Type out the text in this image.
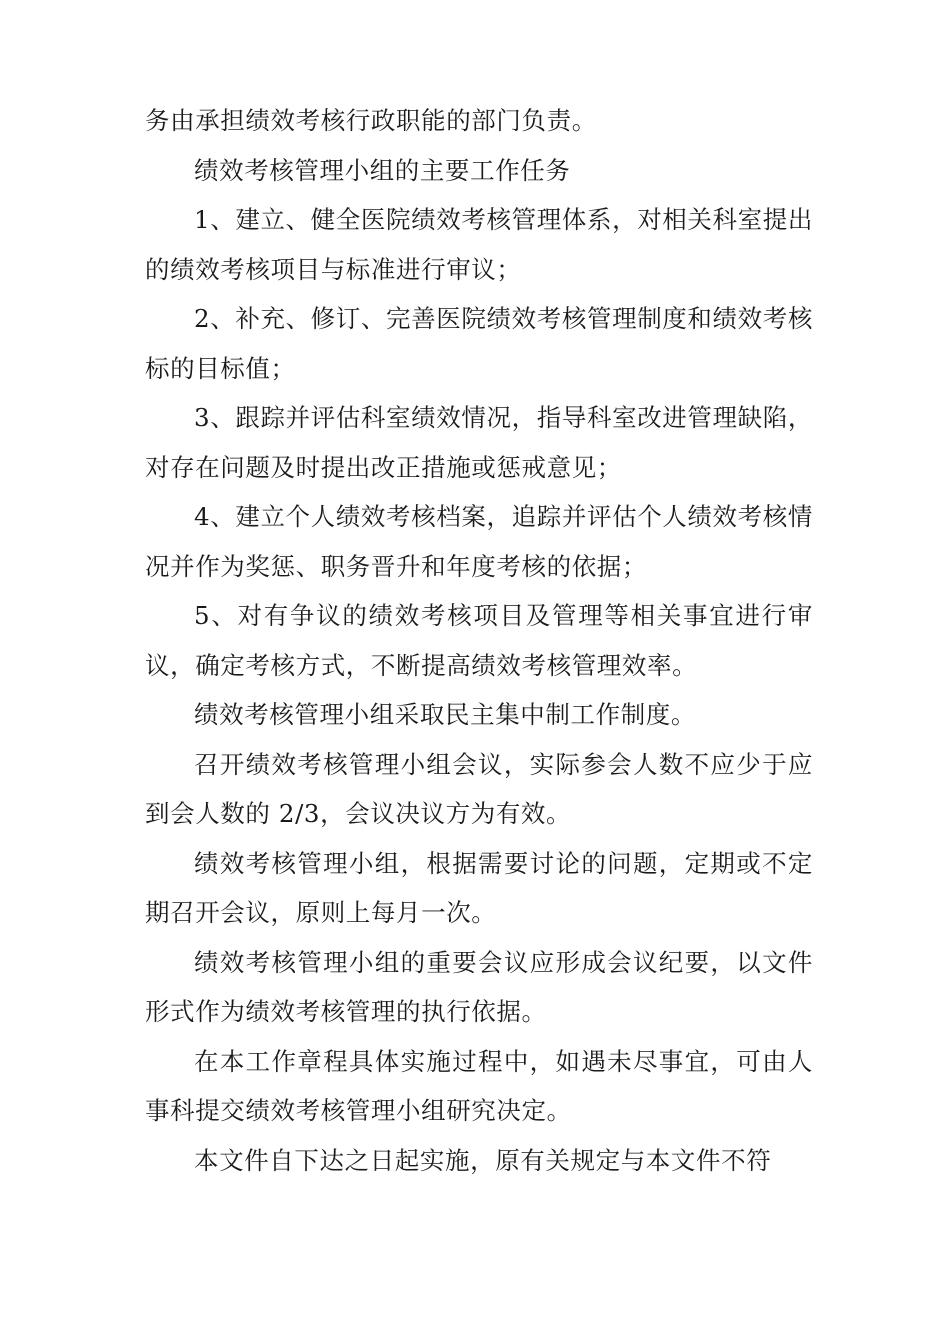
务由承担绩效考核行政职能的部门负责。

绩效考核管理小组的主要工作任务

1、建立、健全医院绩效考核管理体系，对相关科室提出的绩效考核项目与标准进行审议；

2、补充、修订、完善医院绩效考核管理制度和绩效考核标的目标值；

3、跟踪并评估科室绩效情况，指导科室改进管理缺陷，对存在问题及时提出改正措施或惩戒意见；

4、建立个人绩效考核档案，追踪并评估个人绩效考核情况并作为奖惩、职务晋升和年度考核的依据；

5、对有争议的绩效考核项目及管理等相关事宜进行审议，确定考核方式，不断提高绩效考核管理效率。

绩效考核管理小组采取民主集中制工作制度。

召开绩效考核管理小组会议，实际参会人数不应少于应到会人数的 2/3，会议决议方为有效。

绩效考核管理小组，根据需要讨论的问题，定期或不定期召开会议，原则上每月一次。

绩效考核管理小组的重要会议应形成会议纪要，以文件形式作为绩效考核管理的执行依据。

在本工作章程具体实施过程中，如遇未尽事宜，可由人事科提交绩效考核管理小组研究决定。

本文件自下达之日起实施，原有关规定与本文件不符
